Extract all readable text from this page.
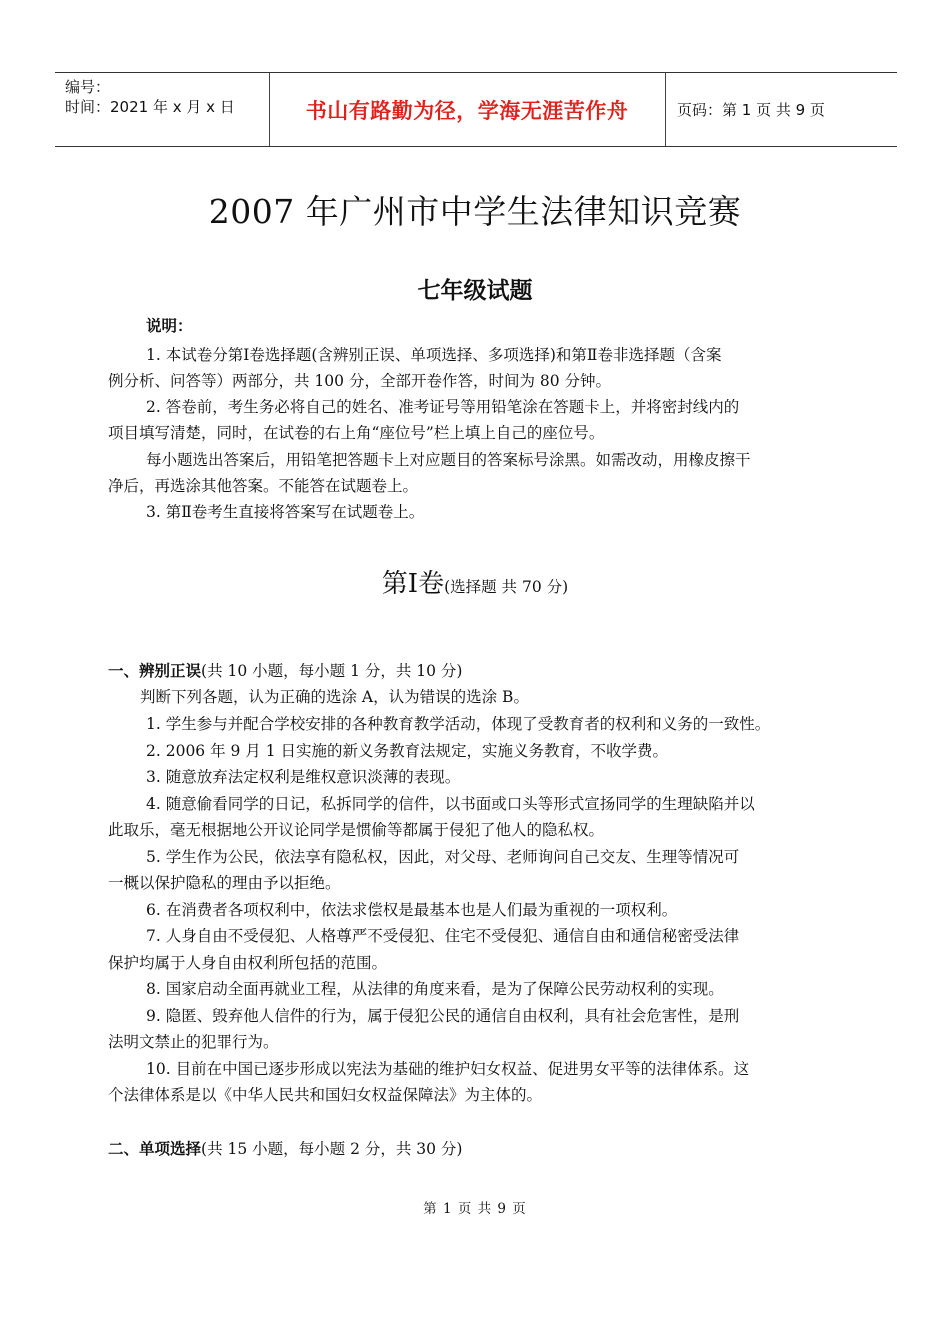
编号：
时间：2021 年 x 月 x 日	书山有路勤为径，学海无涯苦作舟	页码：第 1 页 共 9 页
2007 年广州市中学生法律知识竞赛
七年级试题

说明：

1. 本试卷分第Ⅰ卷选择题(含辨别正误、单项选择、多项选择)和第Ⅱ卷非选择题（含案

例分析、问答等）两部分，共 100 分，全部开卷作答，时间为 80 分钟。

2. 答卷前，考生务必将自己的姓名、准考证号等用铅笔涂在答题卡上，并将密封线内的

项目填写清楚，同时，在试卷的右上角“座位号”栏上填上自己的座位号。

每小题选出答案后，用铅笔把答题卡上对应题目的答案标号涂黑。如需改动，用橡皮擦干

净后，再选涂其他答案。不能答在试题卷上。

3. 第Ⅱ卷考生直接将答案写在试题卷上。

第Ⅰ卷(选择题 共 70 分)

一、辨别正误(共 10 小题，每小题 1 分，共 10 分)

判断下列各题，认为正确的选涂 A，认为错误的选涂 B。

1. 学生参与并配合学校安排的各种教育教学活动，体现了受教育者的权利和义务的一致性。

2. 2006 年 9 月 1 日实施的新义务教育法规定，实施义务教育，不收学费。

3. 随意放弃法定权利是维权意识淡薄的表现。

4. 随意偷看同学的日记，私拆同学的信件，以书面或口头等形式宣扬同学的生理缺陷并以

此取乐，毫无根据地公开议论同学是惯偷等都属于侵犯了他人的隐私权。

5. 学生作为公民，依法享有隐私权，因此，对父母、老师询问自己交友、生理等情况可

一概以保护隐私的理由予以拒绝。

6. 在消费者各项权利中，依法求偿权是最基本也是人们最为重视的一项权利。

7. 人身自由不受侵犯、人格尊严不受侵犯、住宅不受侵犯、通信自由和通信秘密受法律

保护均属于人身自由权利所包括的范围。

8. 国家启动全面再就业工程，从法律的角度来看，是为了保障公民劳动权利的实现。

9. 隐匿、毁弃他人信件的行为，属于侵犯公民的通信自由权利，具有社会危害性，是刑

法明文禁止的犯罪行为。

10. 目前在中国已逐步形成以宪法为基础的维护妇女权益、促进男女平等的法律体系。这

个法律体系是以《中华人民共和国妇女权益保障法》为主体的。

二、单项选择(共 15 小题，每小题 2 分，共 30 分)

第 1 页 共 9 页
